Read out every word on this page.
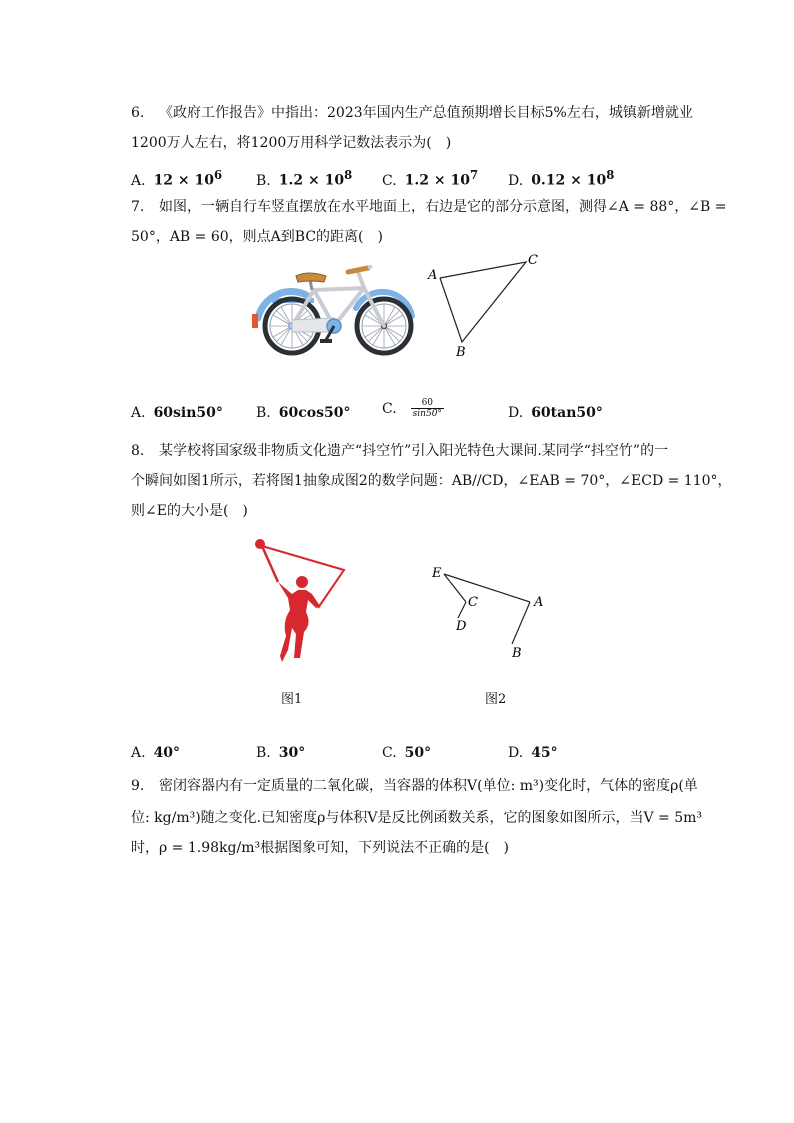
6. 《政府工作报告》中指出：2023年国内生产总值预期增长目标5%左右，城镇新增就业
1200万人左右，将1200万用科学记数法表示为(　)
A. $12 \times 10^6$ B. $1.2 \times 10^8$ C. $1.2 \times 10^7$ D. $0.12 \times 10^8$
7. 如图，一辆自行车竖直摆放在水平地面上，右边是它的部分示意图，测得∠A = 88°，∠B =
50°，AB = 60，则点A到BC的距离(　)
A
C
B
A. 60sin50° B. 60cos50° C. $\frac{60}{\sin 50^\circ}$	D. 60tan50°
8. 某学校将国家级非物质文化遗产“抖空竹”引入阳光特色大课间.某同学“抖空竹”的一
个瞬间如图1所示，若将图1抽象成图2的数学问题：AB//CD，∠EAB = 70°，∠ECD = 110°，
则∠E的大小是(　)
E
C
D
A
B
图1	图2
A. 40°	B. 30°	C. 50°	D. 45°
9. 密闭容器内有一定质量的二氧化碳，当容器的体积V(单位: m³)变化时，气体的密度ρ(单
位: kg/m³)随之变化.已知密度ρ与体积V是反比例函数关系，它的图象如图所示，当V = 5m³
时，ρ = 1.98kg/m³根据图象可知，下列说法不正确的是(　)
